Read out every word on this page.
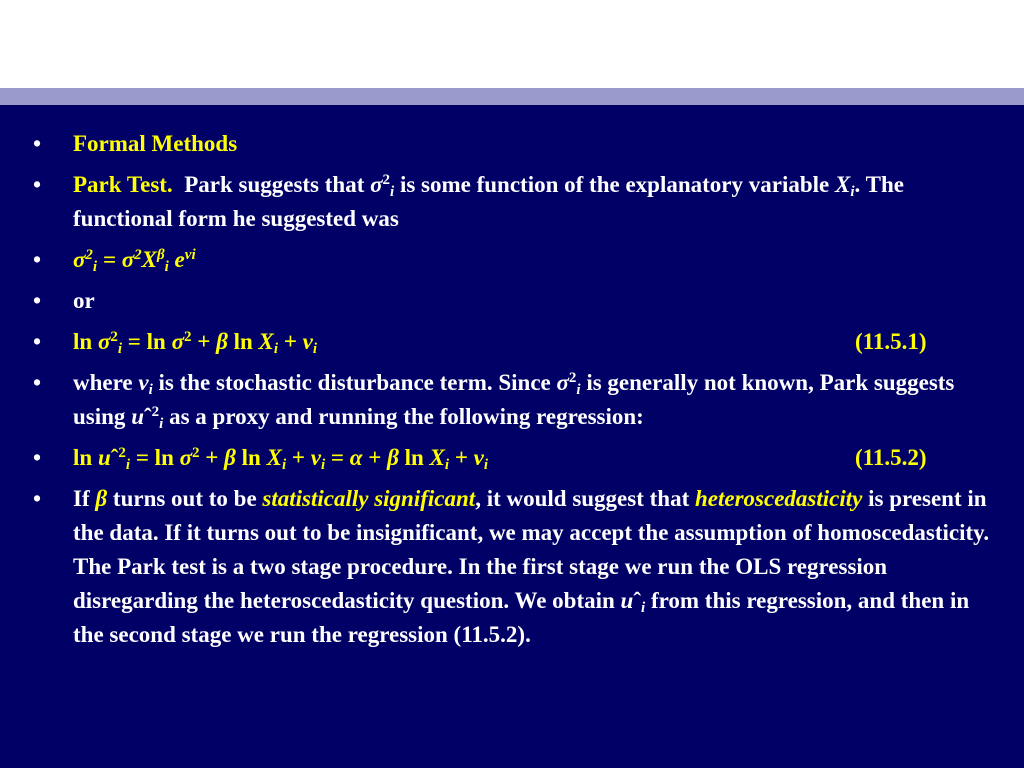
• Formal Methods
• Park Test.  Park suggests that $\sigma^2_i$ is some function of the explanatory variable $X_i$. The functional form he suggested was
• $\sigma^2_i = \sigma^2X^\beta_i$ $e^{vi}$
• or
• $\ln \sigma^2_i = \ln \sigma^2 + \beta$ $\ln X_i + v_i$	(11.5.1)
• where $v_i$ is the stochastic disturbance term. Since $\sigma^2_i$ is generally not known, Park suggests using uˆ$^2_i$ as a proxy and running the following regression:
• ln uˆ$^2_i$ = $\ln \sigma^2 + \beta$ $\ln X_i + v_i = \alpha + \beta$ $\ln X_i + v_i$	(11.5.2)
• If β turns out to be statistically significant, it would suggest that heteroscedasticity is present in the data. If it turns out to be insignificant, we may accept the assumption of homoscedasticity. The Park test is a two stage procedure. In the first stage we run the OLS regression disregarding the heteroscedasticity question. We obtain uˆ$_i$ from this regression, and then in the second stage we run the regression (11.5.2).
